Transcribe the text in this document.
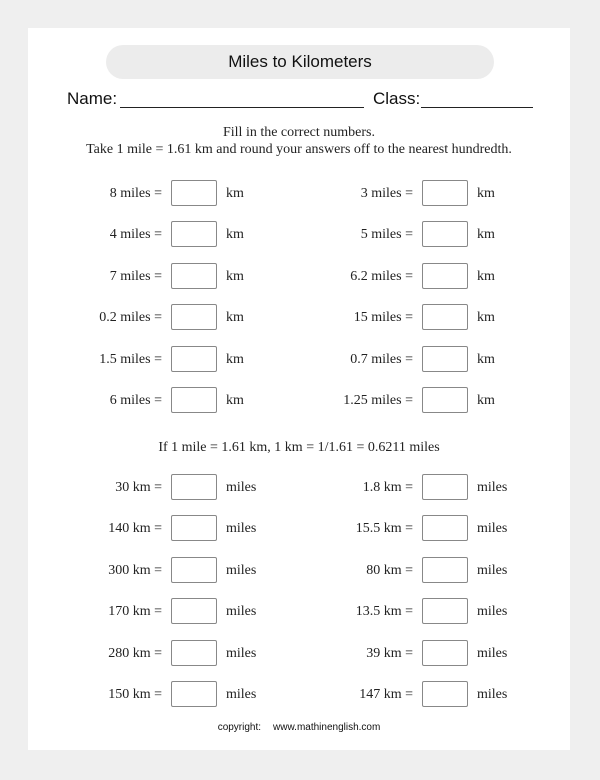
Miles to Kilometers
Name:	Class:
Fill in the correct numbers.
Take 1 mile = 1.61 km and round your answers off to the nearest hundredth.
8 miles =	km
4 miles =	km
7 miles =	km
0.2 miles =	km
1.5 miles =	km
6 miles =	km
3 miles =	km
5 miles =	km
6.2 miles =	km
15 miles =	km
0.7 miles =	km
1.25 miles =	km
If 1 mile = 1.61 km, 1 km = 1/1.61 = 0.6211 miles
30 km =	miles
140 km =	miles
300 km =	miles
170 km =	miles
280 km =	miles
150 km =	miles
1.8 km =	miles
15.5 km =	miles
80 km =	miles
13.5 km =	miles
39 km =	miles
147 km =	miles
copyright: www.mathinenglish.com
